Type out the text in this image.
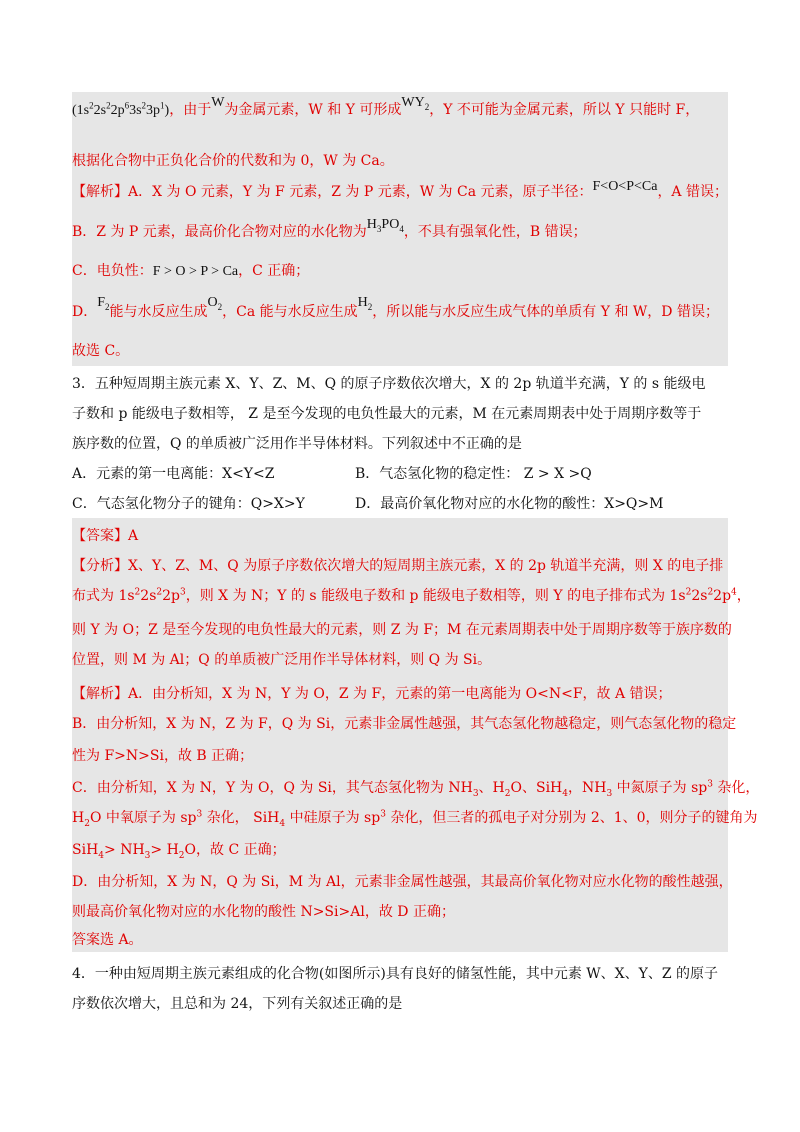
$(1s^22s^22p^63s^23p^1)$，由于W为金属元素，W 和 Y 可形成$WY_2$，Y 不可能为金属元素，所以 Y 只能时 F，
根据化合物中正负化合价的代数和为 0，W 为 Ca。
【解析】A．X 为 O 元素，Y 为 F 元素，Z 为 P 元素，W 为 Ca 元素，原子半径：F<O<P<Ca，A 错误；
B．Z 为 P 元素，最高价化合物对应的水化物为$H_3PO_4$，不具有强氧化性，B 错误；
C．电负性：F > O > P > Ca，C 正确；
D．$F_2$能与水反应生成$O_2$，Ca 能与水反应生成$H_2$，所以能与水反应生成气体的单质有 Y 和 W，D 错误；
故选 C。
3．五种短周期主族元素 X、Y、Z、M、Q 的原子序数依次增大，X 的 2p 轨道半充满，Y 的 s 能级电
子数和 p 能级电子数相等， Z 是至今发现的电负性最大的元素，M 在元素周期表中处于周期序数等于
族序数的位置，Q 的单质被广泛用作半导体材料。下列叙述中不正确的是
A．元素的第一电离能：X<Y<Z	B．气态氢化物的稳定性： Z > X >Q
C．气态氢化物分子的键角：Q>X>Y	D．最高价氧化物对应的水化物的酸性：X>Q>M
【答案】A
【分析】X、Y、Z、M、Q 为原子序数依次增大的短周期主族元素，X 的 2p 轨道半充满，则 X 的电子排
布式为 $1s^22s^22p^3$，则 X 为 N；Y 的 s 能级电子数和 p 能级电子数相等，则 Y 的电子排布式为 $1s^22s^22p^4$，
则 Y 为 O；Z 是至今发现的电负性最大的元素，则 Z 为 F；M 在元素周期表中处于周期序数等于族序数的
位置，则 M 为 Al；Q 的单质被广泛用作半导体材料，则 Q 为 Si。
【解析】A．由分析知，X 为 N，Y 为 O，Z 为 F，元素的第一电离能为 O<N<F，故 A 错误；
B．由分析知，X 为 N，Z 为 F，Q 为 Si，元素非金属性越强，其气态氢化物越稳定，则气态氢化物的稳定
性为 F>N>Si，故 B 正确；
C．由分析知，X 为 N，Y 为 O，Q 为 Si，其气态氢化物为 $NH_3$、$H_2O$、SiH$_4$，$NH_3$ 中氮原子为 $sp^3$ 杂化，
$H_2O$ 中氧原子为 $sp^3$ 杂化， SiH$_4$ 中硅原子为 $sp^3$ 杂化，但三者的孤电子对分别为 2、1、0，则分子的键角为
$SiH_4> NH_3> H_2O$，故 C 正确；
D．由分析知，X 为 N，Q 为 Si，M 为 Al，元素非金属性越强，其最高价氧化物对应水化物的酸性越强，
则最高价氧化物对应的水化物的酸性 N>Si>Al，故 D 正确；
答案选 A。
4．一种由短周期主族元素组成的化合物(如图所示)具有良好的储氢性能，其中元素 W、X、Y、Z 的原子
序数依次增大，且总和为 24，下列有关叙述正确的是
